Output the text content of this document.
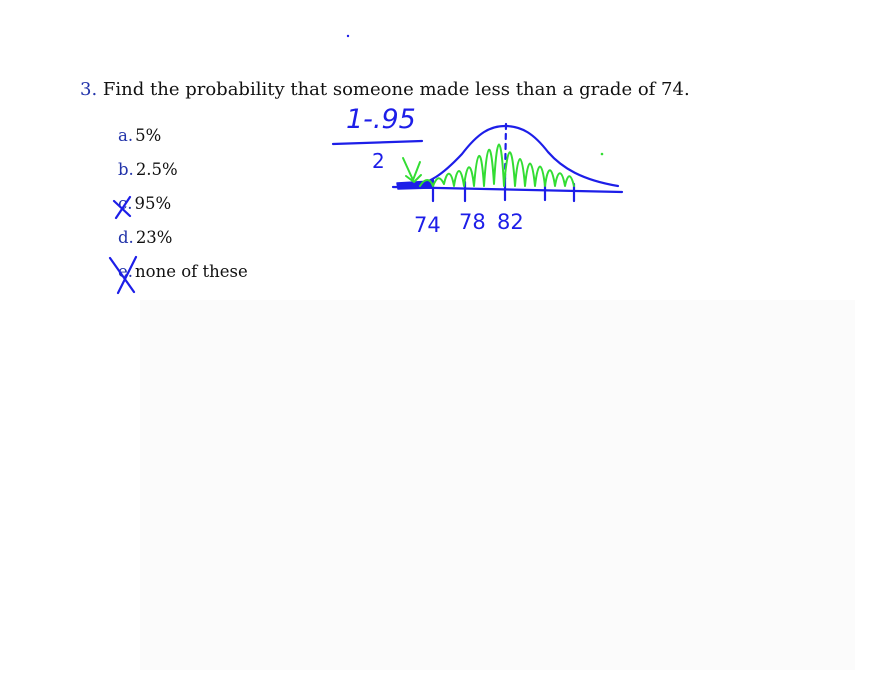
3. Find the probability that someone made less than a grade of 74.
a. 5%
b. 2.5%
c. 95%
d. 23%
e. none of these
1-.95
2
74 78 82
